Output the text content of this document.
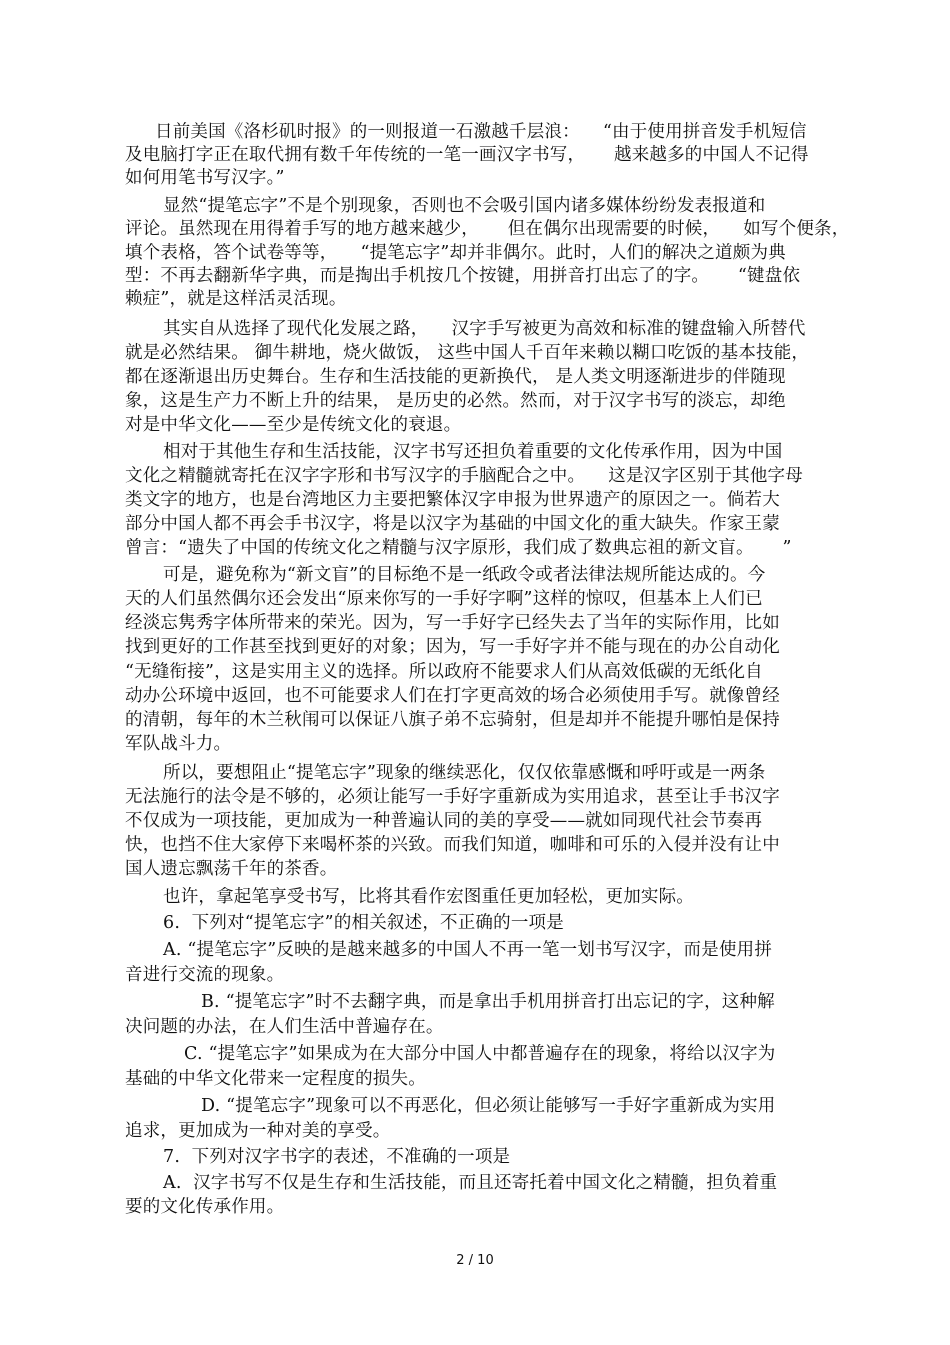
日前美国《洛杉矶时报》的一则报道一石激越千层浪：    “由于使用拼音发手机短信
及电脑打字正在取代拥有数千年传统的一笔一画汉字书写，     越来越多的中国人不记得
如何用笔书写汉字。”
显然“提笔忘字”不是个别现象，否则也不会吸引国内诸多媒体纷纷发表报道和
评论。虽然现在用得着手写的地方越来越少，     但在偶尔出现需要的时候，    如写个便条，
填个表格，答个试卷等等，    “提笔忘字”却并非偶尔。此时，人们的解决之道颇为典
型：不再去翻新华字典，而是掏出手机按几个按键，用拼音打出忘了的字。     “键盘依
赖症”，就是这样活灵活现。
其实自从选择了现代化发展之路，    汉字手写被更为高效和标准的键盘输入所替代
就是必然结果。 御牛耕地，烧火做饭， 这些中国人千百年来赖以糊口吃饭的基本技能，
都在逐渐退出历史舞台。生存和生活技能的更新换代， 是人类文明逐渐进步的伴随现
象，这是生产力不断上升的结果， 是历史的必然。然而，对于汉字书写的淡忘，却绝
对是中华文化——至少是传统文化的衰退。
相对于其他生存和生活技能，汉字书写还担负着重要的文化传承作用，因为中国
文化之精髓就寄托在汉字字形和书写汉字的手脑配合之中。    这是汉字区别于其他字母
类文字的地方，也是台湾地区力主要把繁体汉字申报为世界遗产的原因之一。倘若大
部分中国人都不再会手书汉字，将是以汉字为基础的中国文化的重大缺失。作家王蒙
曾言：“遗失了中国的传统文化之精髓与汉字原形，我们成了数典忘祖的新文盲。     ”
可是，避免称为“新文盲”的目标绝不是一纸政令或者法律法规所能达成的。今
天的人们虽然偶尔还会发出“原来你写的一手好字啊”这样的惊叹，但基本上人们已
经淡忘隽秀字体所带来的荣光。因为，写一手好字已经失去了当年的实际作用，比如
找到更好的工作甚至找到更好的对象；因为，写一手好字并不能与现在的办公自动化
“无缝衔接”，这是实用主义的选择。所以政府不能要求人们从高效低碳的无纸化自
动办公环境中返回，也不可能要求人们在打字更高效的场合必须使用手写。就像曾经
的清朝，每年的木兰秋闱可以保证八旗子弟不忘骑射，但是却并不能提升哪怕是保持
军队战斗力。
所以，要想阻止“提笔忘字”现象的继续恶化，仅仅依靠感慨和呼吁或是一两条
无法施行的法令是不够的，必须让能写一手好字重新成为实用追求，甚至让手书汉字
不仅成为一项技能，更加成为一种普遍认同的美的享受——就如同现代社会节奏再
快，也挡不住大家停下来喝杯茶的兴致。而我们知道，咖啡和可乐的入侵并没有让中
国人遗忘飘荡千年的茶香。
也许，拿起笔享受书写，比将其看作宏图重任更加轻松，更加实际。
6.  下列对“提笔忘字”的相关叙述，不正确的一项是
A. “提笔忘字”反映的是越来越多的中国人不再一笔一划书写汉字，而是使用拼
音进行交流的现象。
B. “提笔忘字”时不去翻字典，而是拿出手机用拼音打出忘记的字，这种解
决问题的办法，在人们生活中普遍存在。
C. “提笔忘字”如果成为在大部分中国人中都普遍存在的现象，将给以汉字为
基础的中华文化带来一定程度的损失。
D. “提笔忘字”现象可以不再恶化，但必须让能够写一手好字重新成为实用
追求，更加成为一种对美的享受。
7.  下列对汉字书字的表述，不准确的一项是
A.  汉字书写不仅是生存和生活技能，而且还寄托着中国文化之精髓，担负着重
要的文化传承作用。
2 / 10
